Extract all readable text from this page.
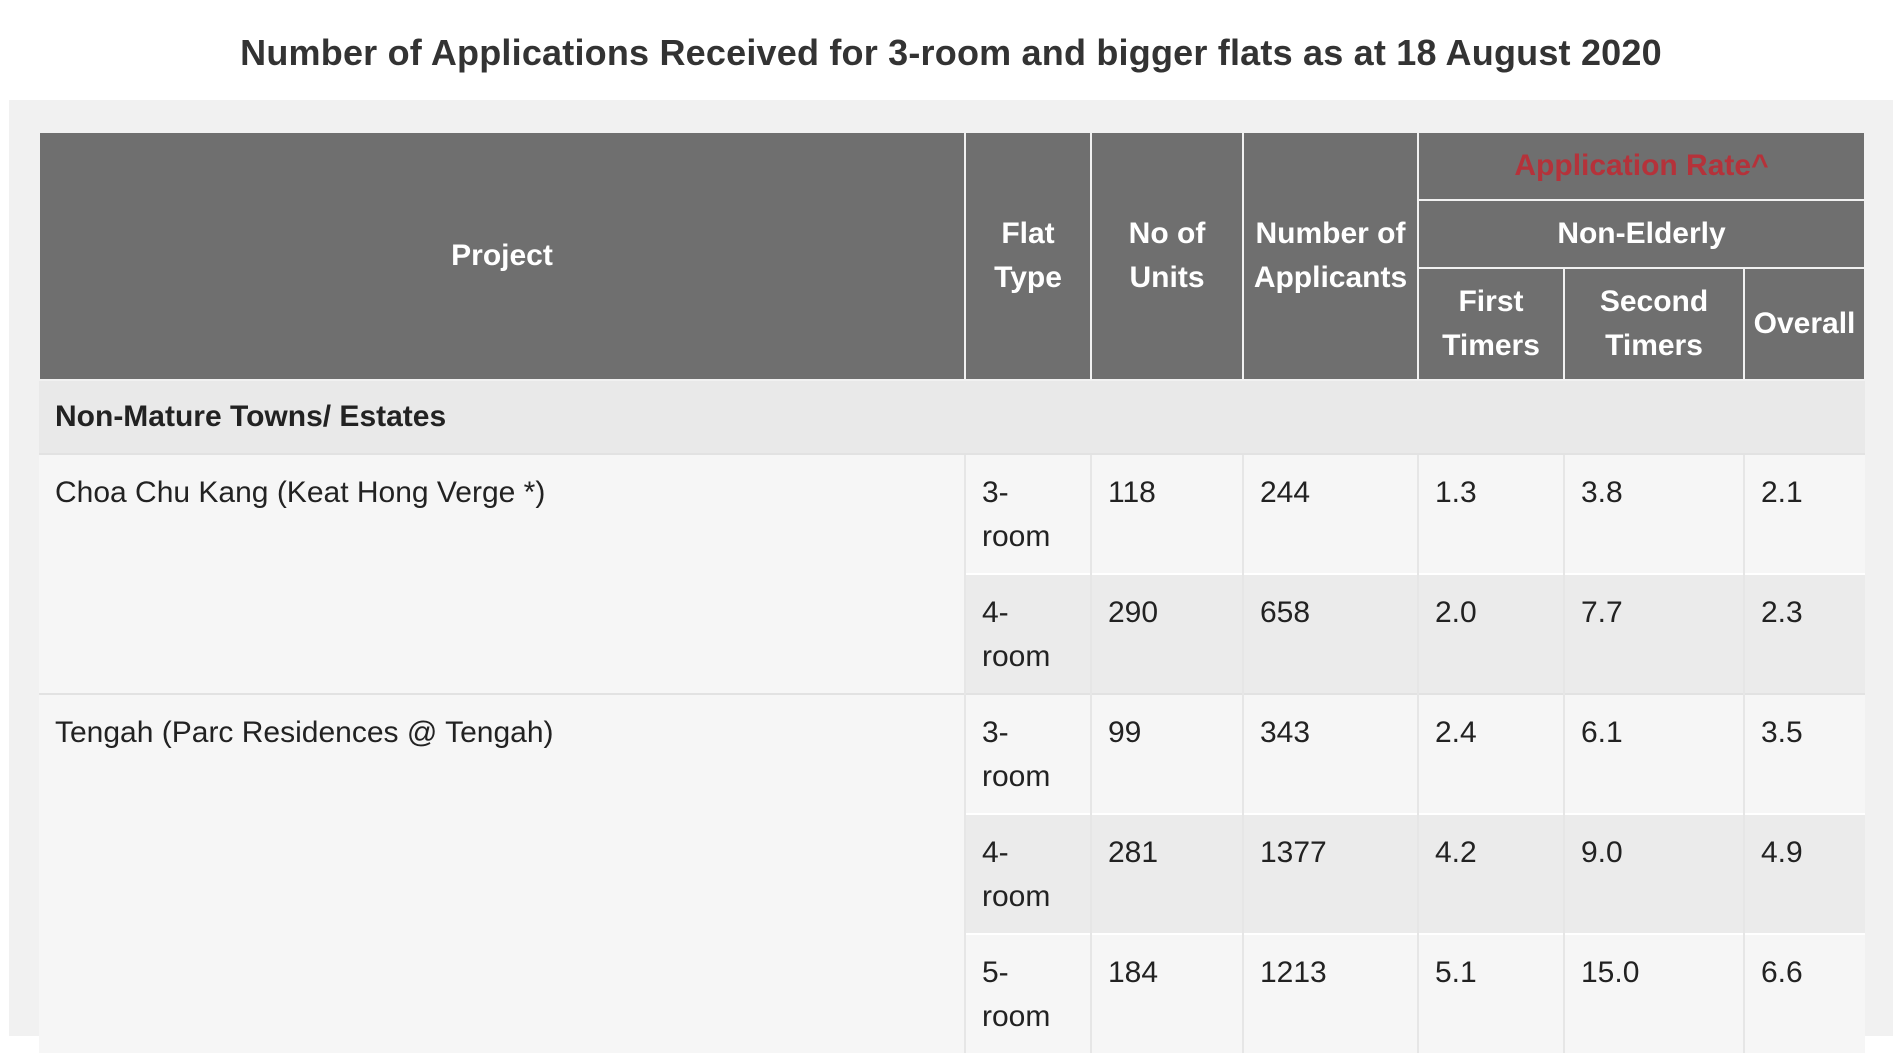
Number of Applications Received for 3-room and bigger flats as at 18 August 2020
Project	Flat Type	No of Units	Number of Applicants	Application Rate^		
				Non-Elderly		
				First Timers	Second Timers	Overall
Non-Mature Towns/ Estates						
Choa Chu Kang (Keat Hong Verge *)	3-room	118	244	1.3	3.8	2.1
	4-room	290	658	2.0	7.7	2.3
Tengah (Parc Residences @ Tengah)	3-room	99	343	2.4	6.1	3.5
	4-room	281	1377	4.2	9.0	4.9
	5-room	184	1213	5.1	15.0	6.6
